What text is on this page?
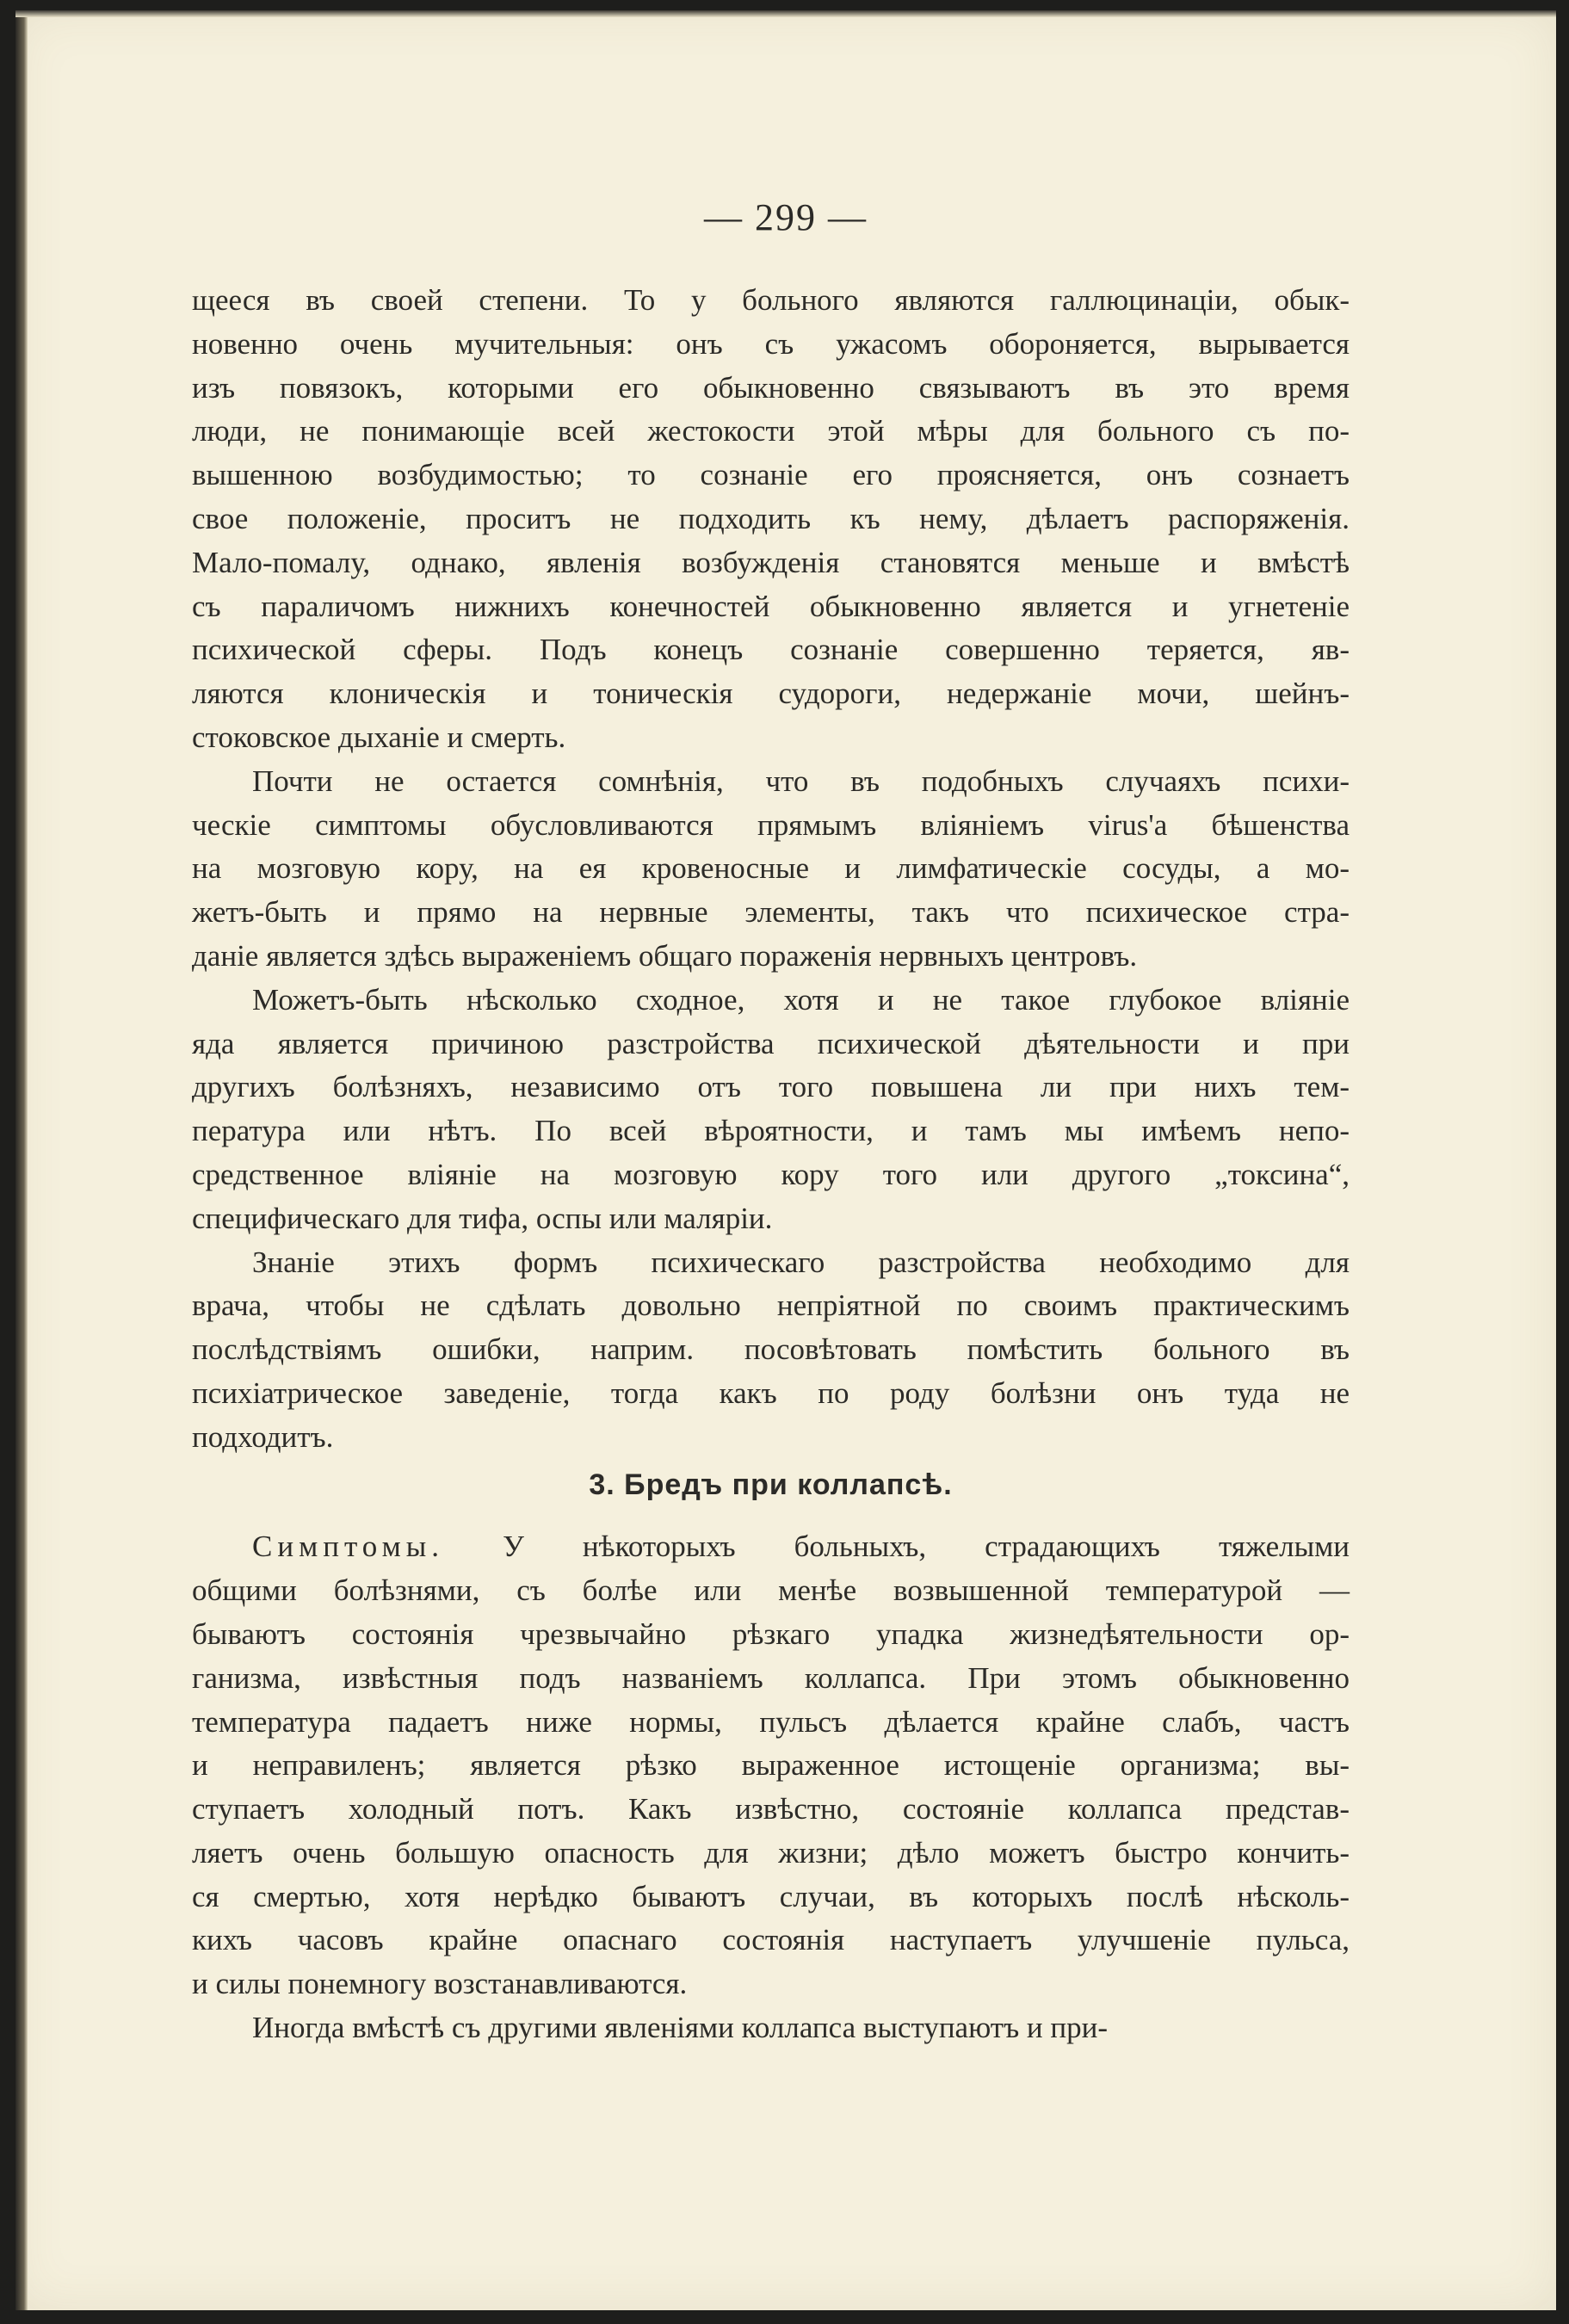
— 299 —

щееся въ своей степени. То у больного являются галлюцинаціи, обык-
новенно очень мучительныя: онъ съ ужасомъ обороняется, вырывается
изъ повязокъ, которыми его обыкновенно связываютъ въ это время
люди, не понимающіе всей жестокости этой мѣры для больного съ по-
вышенною возбудимостью; то сознаніе его проясняется, онъ сознаетъ
свое положеніе, проситъ не подходить къ нему, дѣлаетъ распоряженія.
Мало-помалу, однако, явленія возбужденія становятся меньше и вмѣстѣ
съ параличомъ нижнихъ конечностей обыкновенно является и угнетеніе
психической сферы. Подъ конецъ сознаніе совершенно теряется, яв-
ляются клоническія и тоническія судороги, недержаніе мочи, шейнъ-
стоковское дыханіе и смерть.

Почти не остается сомнѣнія, что въ подобныхъ случаяхъ психи-
ческіе симптомы обусловливаются прямымъ вліяніемъ virus'a бѣшенства
на мозговую кору, на ея кровеносные и лимфатическіе сосуды, а мо-
жетъ-быть и прямо на нервные элементы, такъ что психическое стра-
даніе является здѣсь выраженіемъ общаго пораженія нервныхъ центровъ.

Можетъ-быть нѣсколько сходное, хотя и не такое глубокое вліяніе
яда является причиною разстройства психической дѣятельности и при
другихъ болѣзняхъ, независимо отъ того повышена ли при нихъ тем-
пература или нѣтъ. По всей вѣроятности, и тамъ мы имѣемъ непо-
средственное вліяніе на мозговую кору того или другого „токсина“,
специфическаго для тифа, оспы или маляріи.

Знаніе этихъ формъ психическаго разстройства необходимо для
врача, чтобы не сдѣлать довольно непріятной по своимъ практическимъ
послѣдствіямъ ошибки, наприм. посовѣтовать помѣстить больного въ
психіатрическое заведеніе, тогда какъ по роду болѣзни онъ туда не
подходитъ.

3. Бредъ при коллапсѣ.

Симптомы. У нѣкоторыхъ больныхъ, страдающихъ тяжелыми
общими болѣзнями, съ болѣе или менѣе возвышенной температурой —
бываютъ состоянія чрезвычайно рѣзкаго упадка жизнедѣятельности ор-
ганизма, извѣстныя подъ названіемъ коллапса. При этомъ обыкновенно
температура падаетъ ниже нормы, пульсъ дѣлается крайне слабъ, частъ
и неправиленъ; является рѣзко выраженное истощеніе организма; вы-
ступаетъ холодный потъ. Какъ извѣстно, состояніе коллапса представ-
ляетъ очень большую опасность для жизни; дѣло можетъ быстро кончить-
ся смертью, хотя нерѣдко бываютъ случаи, въ которыхъ послѣ нѣсколь-
кихъ часовъ крайне опаснаго состоянія наступаетъ улучшеніе пульса,
и силы понемногу возстанавливаются.

Иногда вмѣстѣ съ другими явленіями коллапса выступаютъ и при-
